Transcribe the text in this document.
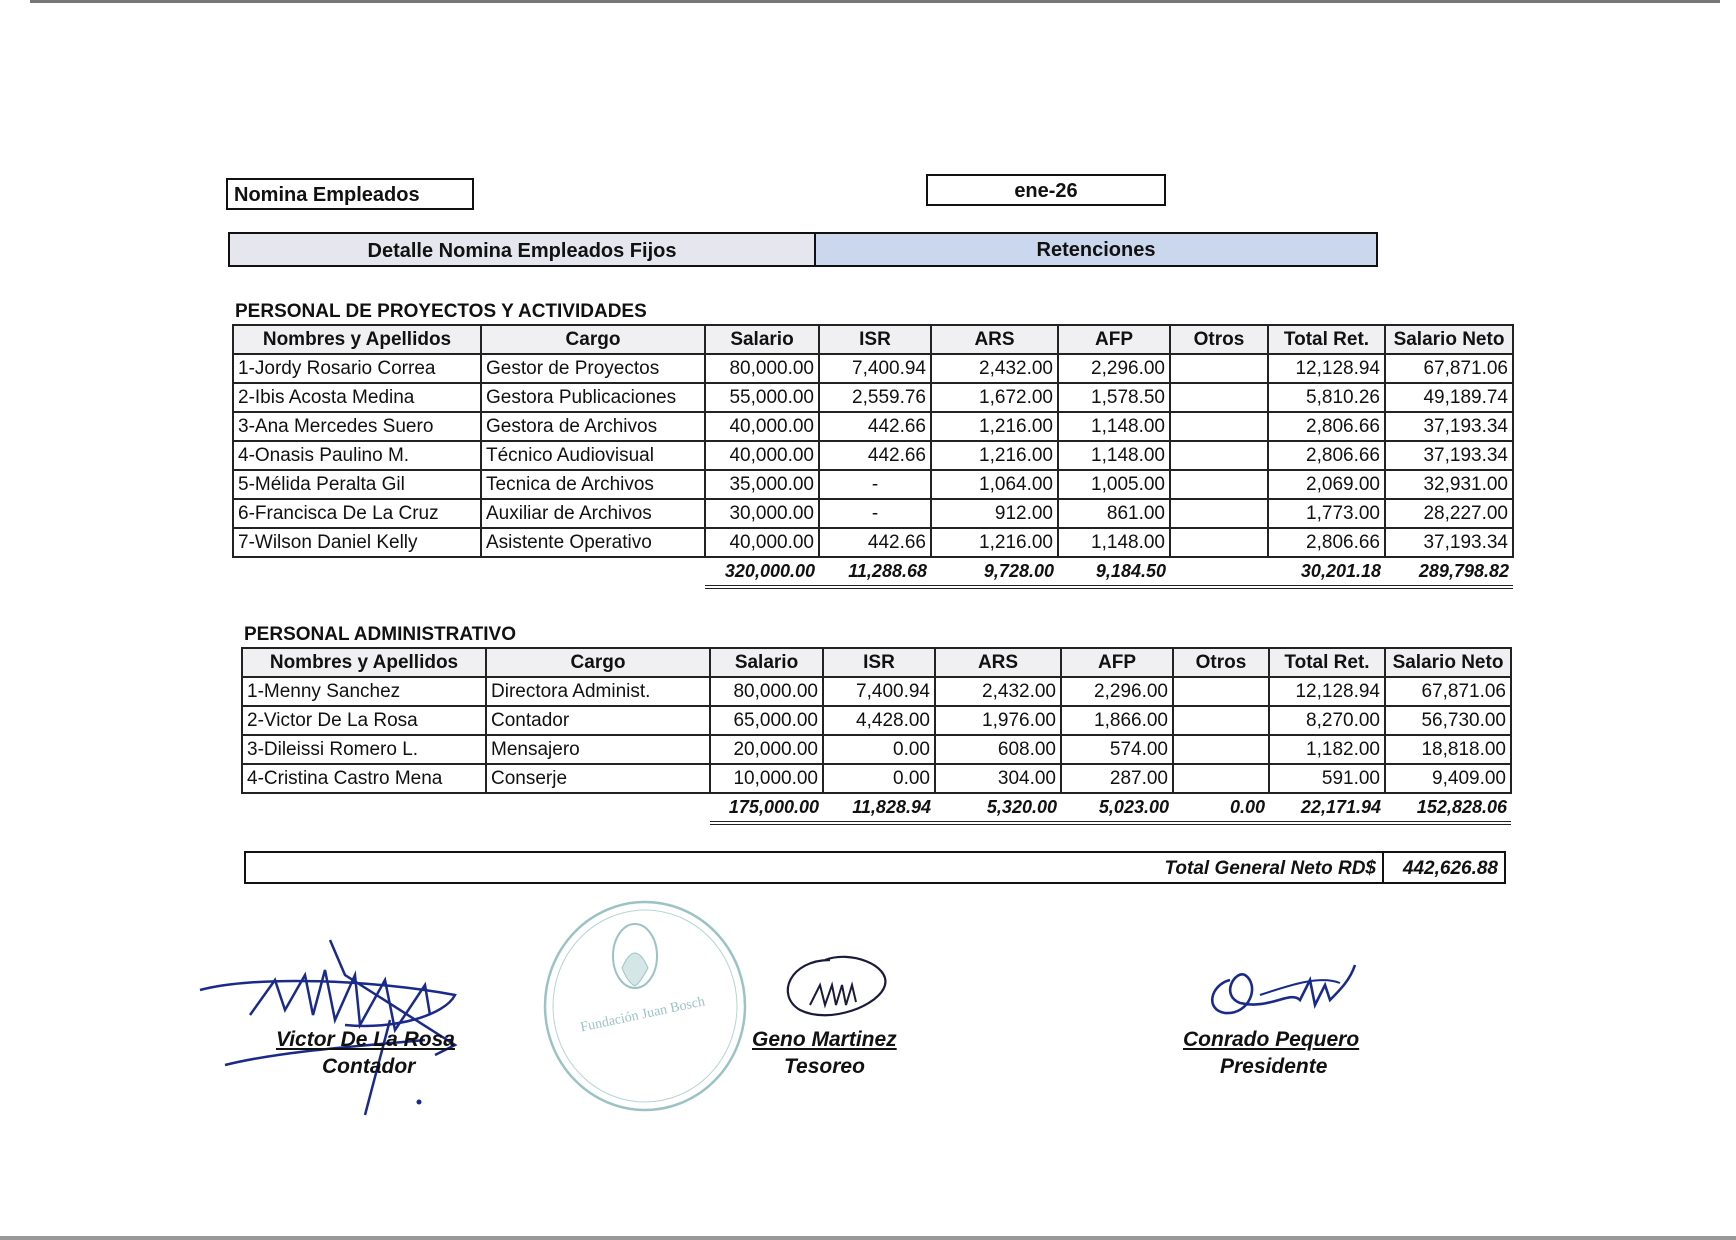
Nomina Empleados	ene-26
Detalle Nomina Empleados Fijos	Retenciones
PERSONAL DE PROYECTOS Y ACTIVIDADES
Nombres y Apellidos	Cargo	Salario	ISR	ARS	AFP	Otros	Total Ret.	Salario Neto
1-Jordy Rosario Correa	Gestor de Proyectos	80,000.00	7,400.94	2,432.00	2,296.00		12,128.94	67,871.06
2-Ibis Acosta Medina	Gestora Publicaciones	55,000.00	2,559.76	1,672.00	1,578.50		5,810.26	49,189.74
3-Ana Mercedes Suero	Gestora de Archivos	40,000.00	442.66	1,216.00	1,148.00		2,806.66	37,193.34
4-Onasis Paulino M.	Técnico Audiovisual	40,000.00	442.66	1,216.00	1,148.00		2,806.66	37,193.34
5-Mélida Peralta Gil	Tecnica de Archivos	35,000.00	-	1,064.00	1,005.00		2,069.00	32,931.00
6-Francisca De La Cruz	Auxiliar de Archivos	30,000.00	-	912.00	861.00		1,773.00	28,227.00
7-Wilson Daniel Kelly	Asistente Operativo	40,000.00	442.66	1,216.00	1,148.00		2,806.66	37,193.34
		320,000.00	11,288.68	9,728.00	9,184.50		30,201.18	289,798.82
PERSONAL ADMINISTRATIVO
Nombres y Apellidos	Cargo	Salario	ISR	ARS	AFP	Otros	Total Ret.	Salario Neto
1-Menny Sanchez	Directora Administ.	80,000.00	7,400.94	2,432.00	2,296.00		12,128.94	67,871.06
2-Victor De La Rosa	Contador	65,000.00	4,428.00	1,976.00	1,866.00		8,270.00	56,730.00
3-Dileissi Romero L.	Mensajero	20,000.00	0.00	608.00	574.00		1,182.00	18,818.00
4-Cristina Castro Mena	Conserje	10,000.00	0.00	304.00	287.00		591.00	9,409.00
		175,000.00	11,828.94	5,320.00	5,023.00	0.00	22,171.94	152,828.06
Total General Neto RD$	442,626.88
Fundación Juan Bosch
Victor De La Rosa
Contador
Geno Martinez
Tesoreo
Conrado Pequero
Presidente
